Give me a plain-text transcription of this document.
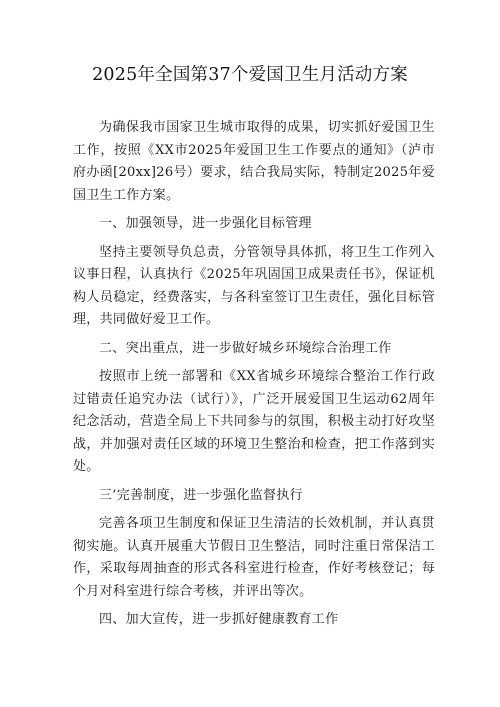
2025年全国第37个爱国卫生月活动方案

为确保我市国家卫生城市取得的成果，切实抓好爱国卫生工作，按照《XX市2025年爱国卫生工作要点的通知》（泸市府办函[20xx]26号）要求，结合我局实际，特制定2025年爱国卫生工作方案。

一、加强领导，进一步强化目标管理

坚持主要领导负总责，分管领导具体抓，将卫生工作列入议事日程，认真执行《2025年巩固国卫成果责任书》，保证机构人员稳定，经费落实，与各科室签订卫生责任，强化目标管理，共同做好爱卫工作。

二、突出重点，进一步做好城乡环境综合治理工作

按照市上统一部署和《XX省城乡环境综合整治工作行政过错责任追究办法（试行）》，广泛开展爱国卫生运动62周年纪念活动，营造全局上下共同参与的氛围，积极主动打好攻坚战，并加强对责任区域的环境卫生整治和检查，把工作落到实处。

三’完善制度，进一步强化监督执行

完善各项卫生制度和保证卫生清洁的长效机制，并认真贯彻实施。认真开展重大节假日卫生整洁，同时注重日常保洁工作，采取每周抽查的形式各科室进行检查，作好考核登记；每个月对科室进行综合考核，并评出等次。

四、加大宣传，进一步抓好健康教育工作
